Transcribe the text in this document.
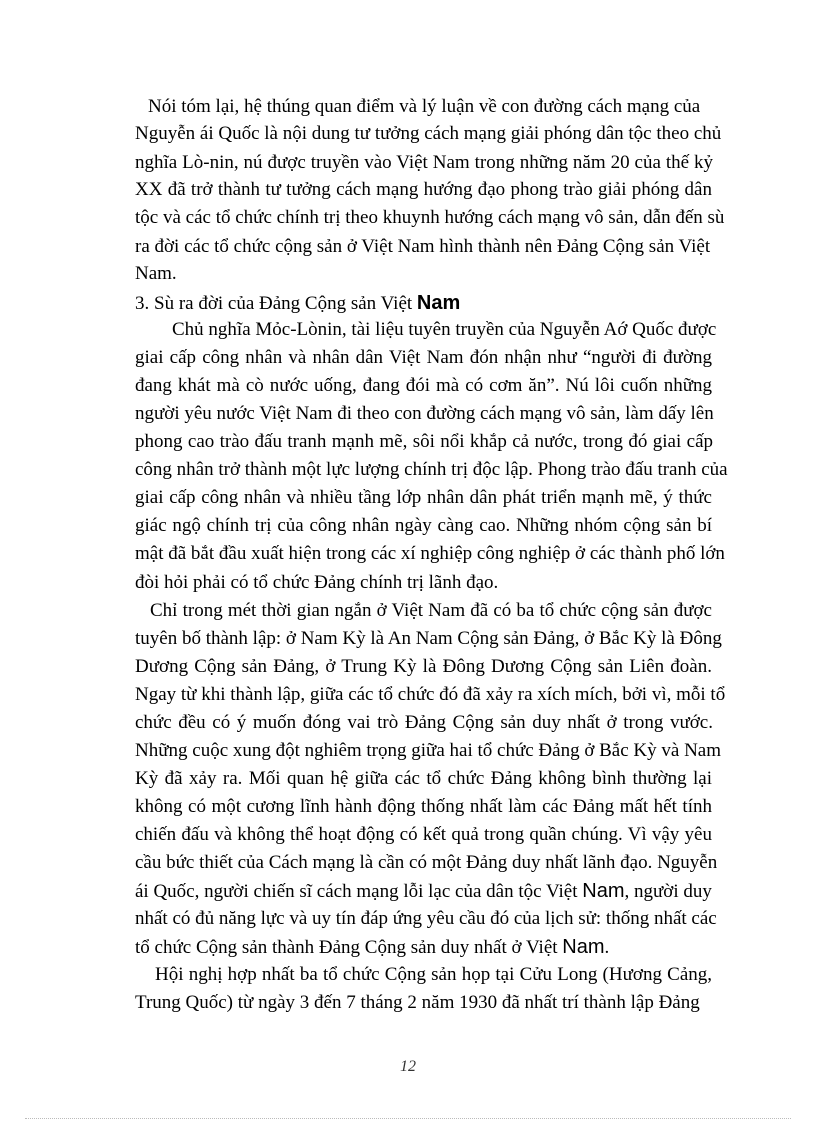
Nói tóm lại, hệ thúng quan điểm và lý luận về con đường cách mạng của
Nguyễn ái Quốc là nội dung tư tưởng cách mạng giải phóng dân tộc theo chủ
nghĩa Lò-nin, nú được truyền vào Việt Nam trong những năm 20 của thế kỷ
XX đã trở thành tư tưởng cách mạng hướng đạo phong trào giải phóng dân
tộc và các tổ chức chính trị theo khuynh hướng cách mạng vô sản, dẫn đến sù
ra đời các tổ chức cộng sản ở Việt Nam hình thành nên Đảng Cộng sản Việt
Nam.
3. Sù ra đời của Đảng Cộng sản Việt Nam
Chủ nghĩa Mỏc-Lònin, tài liệu tuyên truyền của Nguyễn Aớ Quốc được
giai cấp công nhân và nhân dân Việt Nam đón nhận như “người đi đường
đang khát mà cò nước uống, đang đói mà có cơm ăn”. Nú lôi cuốn những
người yêu nước Việt Nam đi theo con đường cách mạng vô sản, làm dấy lên
phong cao trào đấu tranh mạnh mẽ, sôi nổi khắp cả nước, trong đó giai cấp
công nhân trở thành một lực lượng chính trị độc lập. Phong trào đấu tranh của
giai cấp công nhân và nhiều tầng lớp nhân dân phát triển mạnh mẽ, ý thức
giác ngộ chính trị của công nhân ngày càng cao. Những nhóm cộng sản bí
mật đã bắt đầu xuất hiện trong các xí nghiệp công nghiệp ở các thành phố lớn
đòi hỏi phải có tổ chức Đảng chính trị lãnh đạo.
Chỉ trong mét thời gian ngắn ở Việt Nam đã có ba tổ chức cộng sản được
tuyên bố thành lập: ở Nam Kỳ là An Nam Cộng sản Đảng, ở Bắc Kỳ là Đông
Dương Cộng sản Đảng, ở Trung Kỳ là Đông Dương Cộng sản Liên đoàn.
Ngay từ khi thành lập, giữa các tổ chức đó đã xảy ra xích mích, bởi vì, mỗi tổ
chức đều có ý muốn đóng vai trò Đảng Cộng sản duy nhất ở trong vước.
Những cuộc xung đột nghiêm trọng giữa hai tổ chức Đảng ở Bắc Kỳ và Nam
Kỳ đã xảy ra. Mối quan hệ giữa các tổ chức Đảng không bình thường lại
không có một cương lĩnh hành động thống nhất làm các Đảng mất hết tính
chiến đấu và không thể hoạt động có kết quả trong quần chúng. Vì vậy yêu
cầu bức thiết của Cách mạng là cần có một Đảng duy nhất lãnh đạo. Nguyễn
ái Quốc, người chiến sĩ cách mạng lỗi lạc của dân tộc Việt Nam, người duy
nhất có đủ năng lực và uy tín đáp ứng yêu cầu đó của lịch sử: thống nhất các
tổ chức Cộng sản thành Đảng Cộng sản duy nhất ở Việt Nam.
Hội nghị hợp nhất ba tổ chức Cộng sản họp tại Cửu Long (Hương Cảng,
Trung Quốc) từ ngày 3 đến 7 tháng 2 năm 1930 đã nhất trí thành lập Đảng
12
